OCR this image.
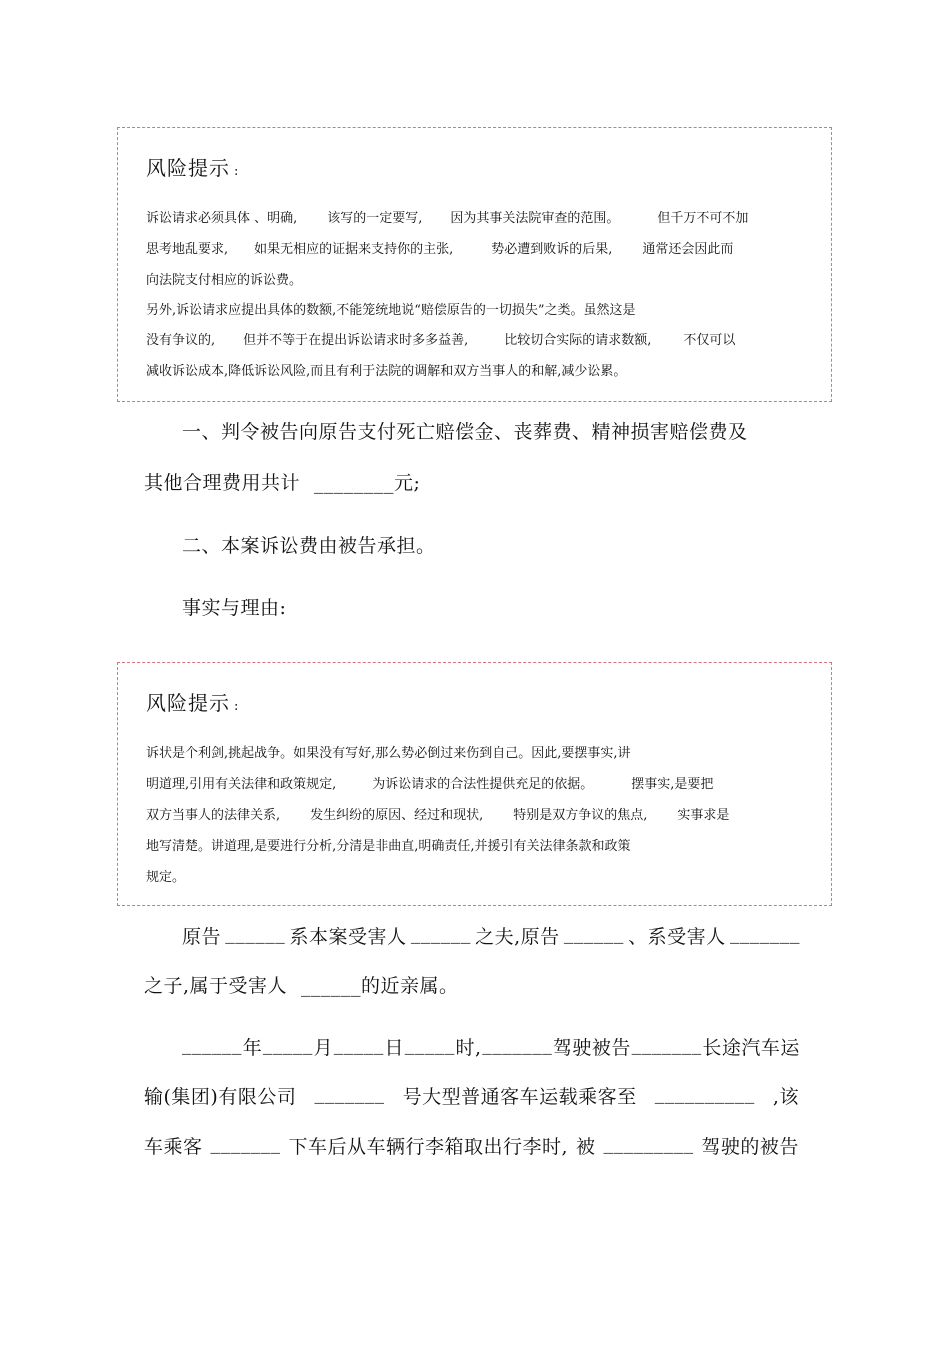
风险提示 :

诉讼请求必须具体 、明确, 该写的一定要写, 因为其事关法院审查的范围。	但千万不可不加

思考地乱要求, 如果无相应的证据来支持你的主张,	势必遭到败诉的后果, 通常还会因此而

向法院支付相应的诉讼费。

另外,诉讼请求应提出具体的数额,不能笼统地说“赔偿原告的一切损失”之类。虽然这是

没有争议的, 但并不等于在提出诉讼请求时多多益善,	比较切合实际的请求数额, 不仅可以

减收诉讼成本,降低诉讼风险,而且有利于法院的调解和双方当事人的和解,减少讼累。

一、判令被告向原告支付死亡赔偿金、丧葬费、精神损害赔偿费及
其他合理费用共计 ________元;
二、本案诉讼费由被告承担。
事实与理由:

风险提示 :

诉状是个利剑,挑起战争。如果没有写好,那么势必倒过来伤到自己。因此,要摆事实,讲

明道理,引用有关法律和政策规定,	为诉讼请求的合法性提供充足的依据。	摆事实,是要把

双方当事人的法律关系, 发生纠纷的原因、经过和现状, 特别是双方争议的焦点, 实事求是

地写清楚。讲道理,是要进行分析,分清是非曲直,明确责任,并援引有关法律条款和政策

规定。

原告 ______ 系本案受害人 ______ 之夫,原告 ______ 、系受害人 _______
之子,属于受害人 ______的近亲属。
______ 年 _____ 月 _____ 日 _____ 时, _______ 驾驶被告 _______ 长途汽车运
输(集团)有限公司 _______ 号大型普通客车运载乘客至 __________ ,该
车乘客 _______ 下车后从车辆行李箱取出行李时, 被 _________ 驾驶的被告
